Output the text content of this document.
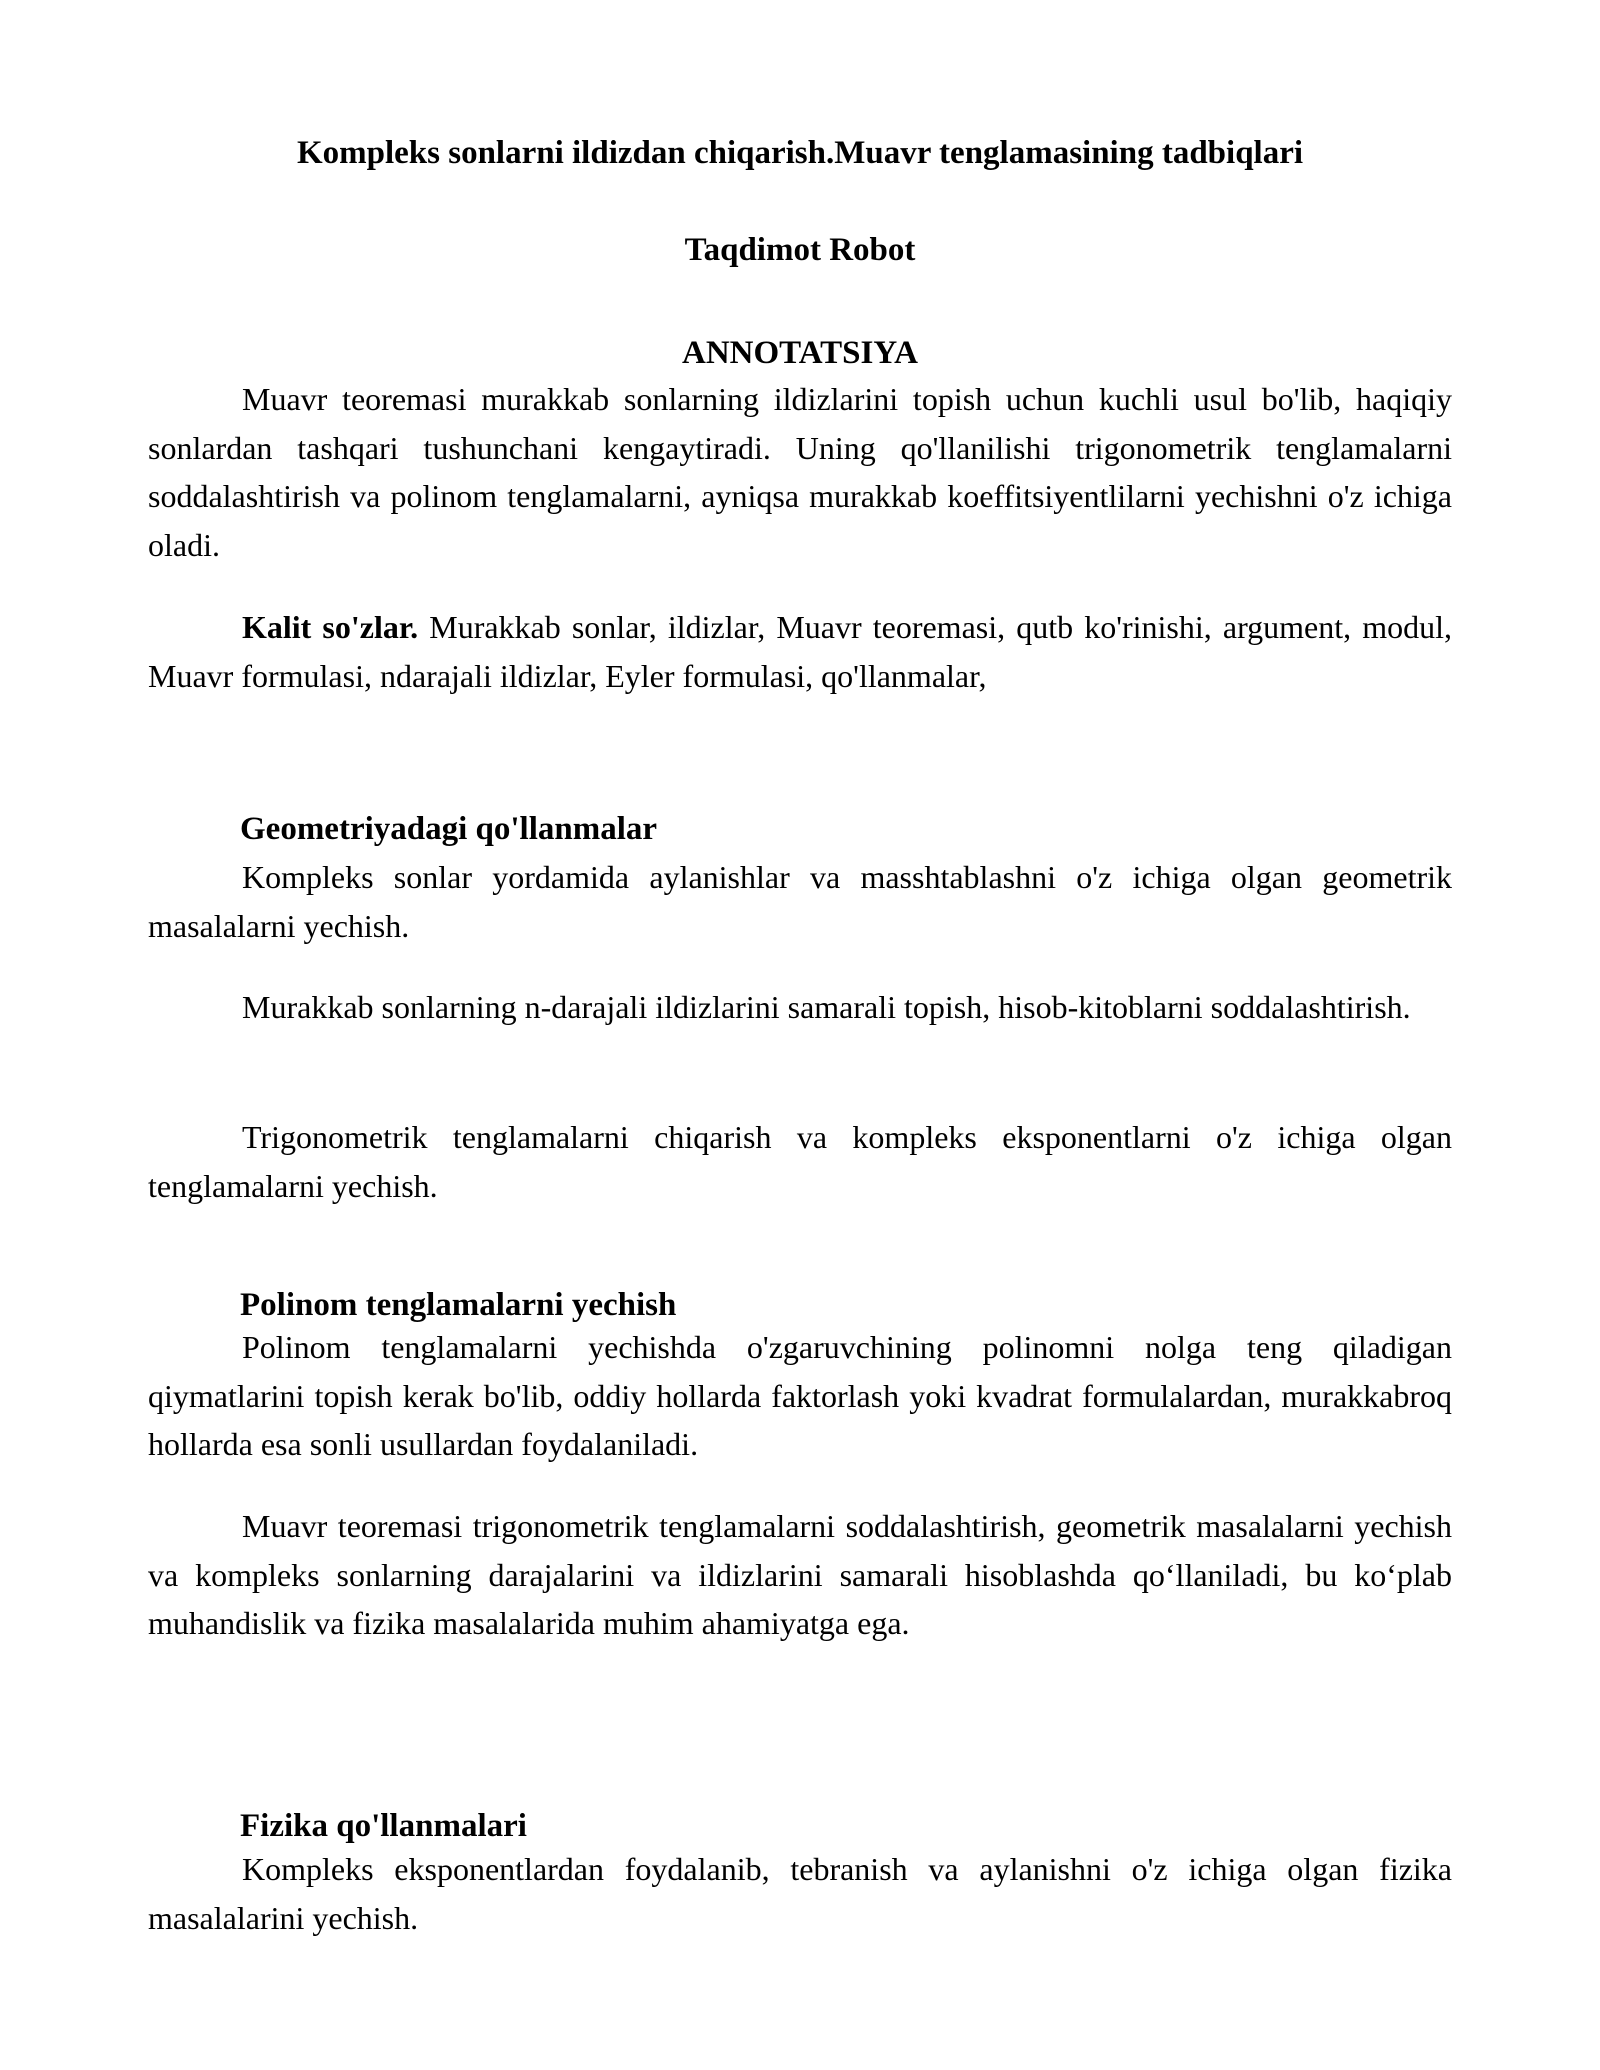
Kompleks sonlarni ildizdan chiqarish.Muavr tenglamasining tadbiqlari
Taqdimot Robot
ANNOTATSIYA

Muavr teoremasi murakkab sonlarning ildizlarini topish uchun kuchli usul bo'lib, haqiqiy sonlardan tashqari tushunchani kengaytiradi. Uning qo'llanilishi trigonometrik tenglamalarni soddalashtirish va polinom tenglamalarni, ayniqsa murakkab koeffitsiyentlilarni yechishni o'z ichiga oladi.

Kalit so'zlar. Murakkab sonlar, ildizlar, Muavr teoremasi, qutb ko'rinishi, argument, modul, Muavr formulasi, ndarajali ildizlar, Eyler formulasi, qo'llanmalar,

Geometriyadagi qo'llanmalar

Kompleks sonlar yordamida aylanishlar va masshtablashni o'z ichiga olgan geometrik masalalarni yechish.

Murakkab sonlarning n-darajali ildizlarini samarali topish, hisob-kitoblarni soddalashtirish.

Trigonometrik tenglamalarni chiqarish va kompleks eksponentlarni o'z ichiga olgan tenglamalarni yechish.

Polinom tenglamalarni yechish

Polinom tenglamalarni yechishda o'zgaruvchining polinomni nolga teng qiladigan qiymatlarini topish kerak bo'lib, oddiy hollarda faktorlash yoki kvadrat formulalardan, murakkabroq hollarda esa sonli usullardan foydalaniladi.

Muavr teoremasi trigonometrik tenglamalarni soddalashtirish, geometrik masalalarni yechish va kompleks sonlarning darajalarini va ildizlarini samarali hisoblashda qo‘llaniladi, bu ko‘plab muhandislik va fizika masalalarida muhim ahamiyatga ega.

Fizika qo'llanmalari

Kompleks eksponentlardan foydalanib, tebranish va aylanishni o'z ichiga olgan fizika masalalarini yechish.
